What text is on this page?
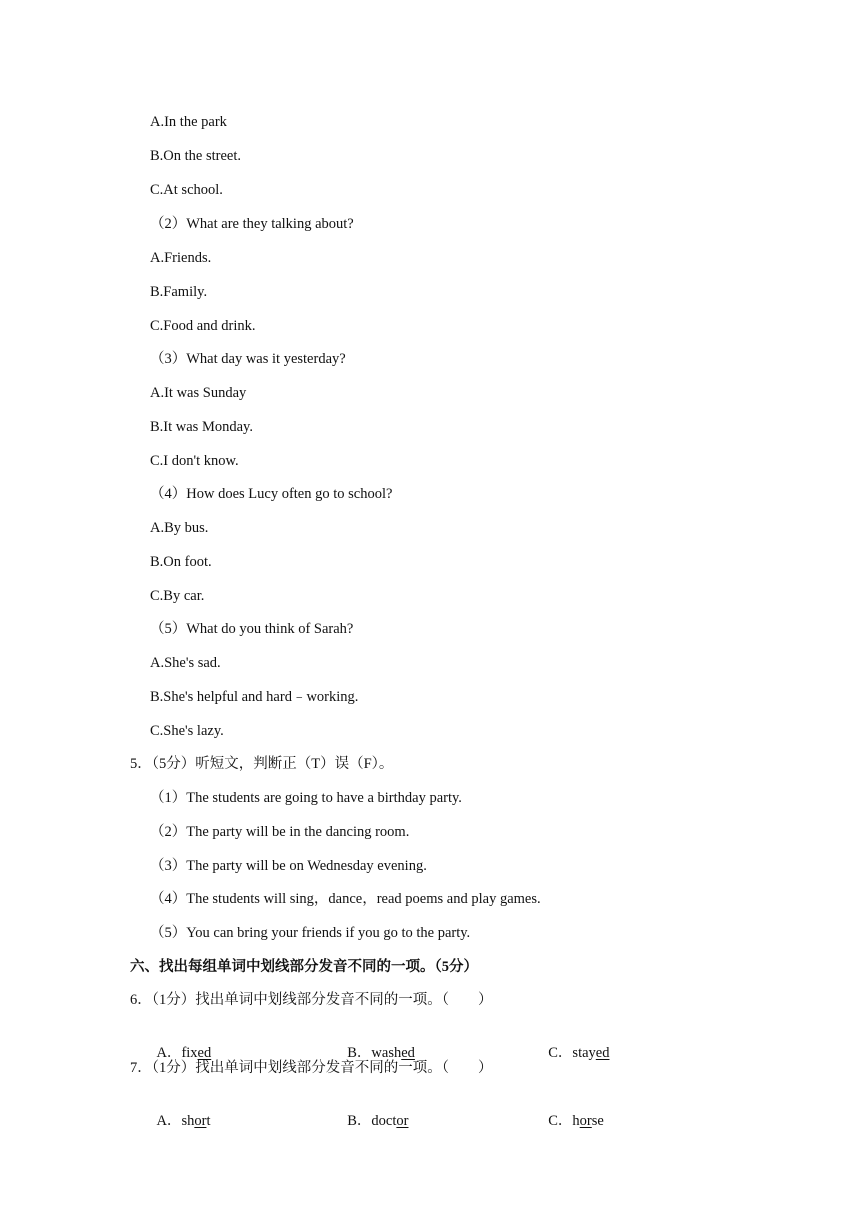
A.In the park
B.On the street.
C.At school.
（2）What are they talking about?
A.Friends.
B.Family.
C.Food and drink.
（3）What day was it yesterday?
A.It was Sunday
B.It was Monday.
C.I don't know.
（4）How does Lucy often go to school?
A.By bus.
B.On foot.
C.By car.
（5）What do you think of Sarah?
A.She's sad.
B.She's helpful and hard﹣working.
C.She's lazy.
5．（5分）听短文，判断正（T）误（F）。
（1）The students are going to have a birthday party.
（2）The party will be in the dancing room.
（3）The party will be on Wednesday evening.
（4）The students will sing，dance，read poems and play games.
（5）You can bring your friends if you go to the party.
六、找出每组单词中划线部分发音不同的一项。（5分）
6．（1分）找出单词中划线部分发音不同的一项。（　　）

A．fixed	B．washed	C．stayed

7．（1分）找出单词中划线部分发音不同的一项。（　　）

A．short	B．doctor	C．horse
